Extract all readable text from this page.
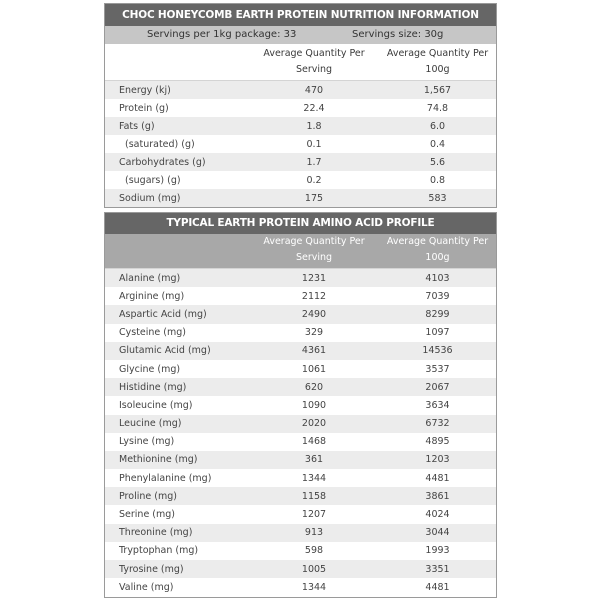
CHOC HONEYCOMB EARTH PROTEIN NUTRITION INFORMATION
Servings per 1kg package: 33	Servings size: 30g
Average Quantity Per Serving
Average Quantity Per 100g
Energy (kj)	470	1,567
Protein (g)	22.4	74.8
Fats (g)	1.8	6.0
(saturated) (g)	0.1	0.4
Carbohydrates (g)	1.7	5.6
(sugars) (g)	0.2	0.8
Sodium (mg)	175	583
TYPICAL EARTH PROTEIN AMINO ACID PROFILE
Average Quantity Per Serving
Average Quantity Per 100g
Alanine (mg)	1231	4103
Arginine (mg)	2112	7039
Aspartic Acid (mg)	2490	8299
Cysteine (mg)	329	1097
Glutamic Acid (mg)	4361	14536
Glycine (mg)	1061	3537
Histidine (mg)	620	2067
Isoleucine (mg)	1090	3634
Leucine (mg)	2020	6732
Lysine (mg)	1468	4895
Methionine (mg)	361	1203
Phenylalanine (mg)	1344	4481
Proline (mg)	1158	3861
Serine (mg)	1207	4024
Threonine (mg)	913	3044
Tryptophan (mg)	598	1993
Tyrosine (mg)	1005	3351
Valine (mg)	1344	4481
